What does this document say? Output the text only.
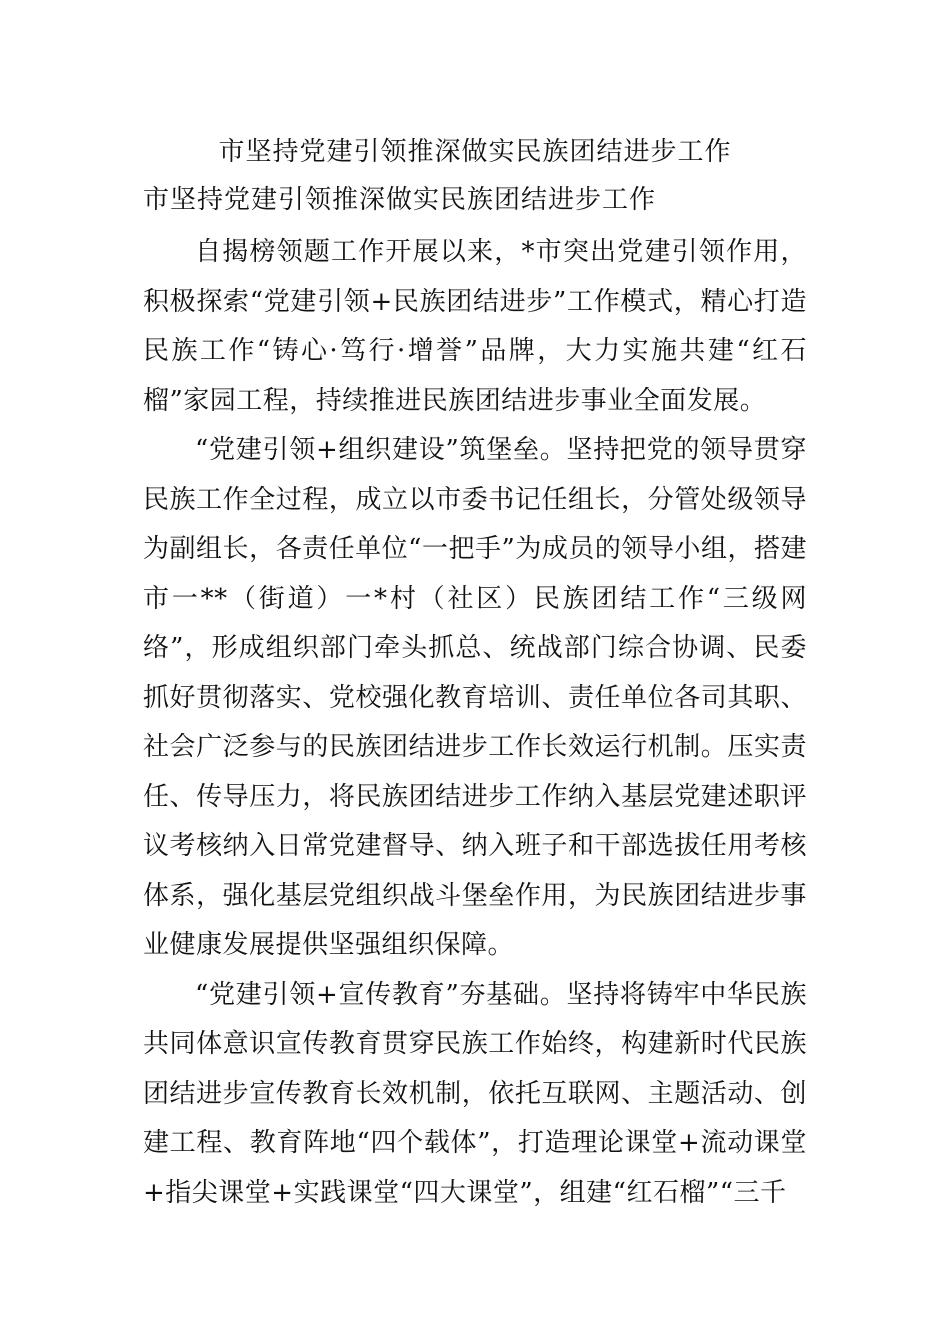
市坚持党建引领推深做实民族团结进步工作
市坚持党建引领推深做实民族团结进步工作

自揭榜领题工作开展以来，*市突出党建引领作用，积极探索“党建引领+民族团结进步”工作模式，精心打造民族工作“铸心·笃行·增誉”品牌，大力实施共建“红石榴”家园工程，持续推进民族团结进步事业全面发展。

“党建引领+组织建设”筑堡垒。坚持把党的领导贯穿民族工作全过程，成立以市委书记任组长，分管处级领导为副组长，各责任单位“一把手”为成员的领导小组，搭建市一**（街道）一*村（社区）民族团结工作“三级网络”，形成组织部门牵头抓总、统战部门综合协调、民委抓好贯彻落实、党校强化教育培训、责任单位各司其职、社会广泛参与的民族团结进步工作长效运行机制。压实责任、传导压力，将民族团结进步工作纳入基层党建述职评议考核纳入日常党建督导、纳入班子和干部选拔任用考核体系，强化基层党组织战斗堡垒作用，为民族团结进步事业健康发展提供坚强组织保障。

“党建引领+宣传教育”夯基础。坚持将铸牢中华民族共同体意识宣传教育贯穿民族工作始终，构建新时代民族团结进步宣传教育长效机制，依托互联网、主题活动、创建工程、教育阵地“四个载体”，打造理论课堂+流动课堂+指尖课堂+实践课堂“四大课堂”，组建“红石榴”“三千
